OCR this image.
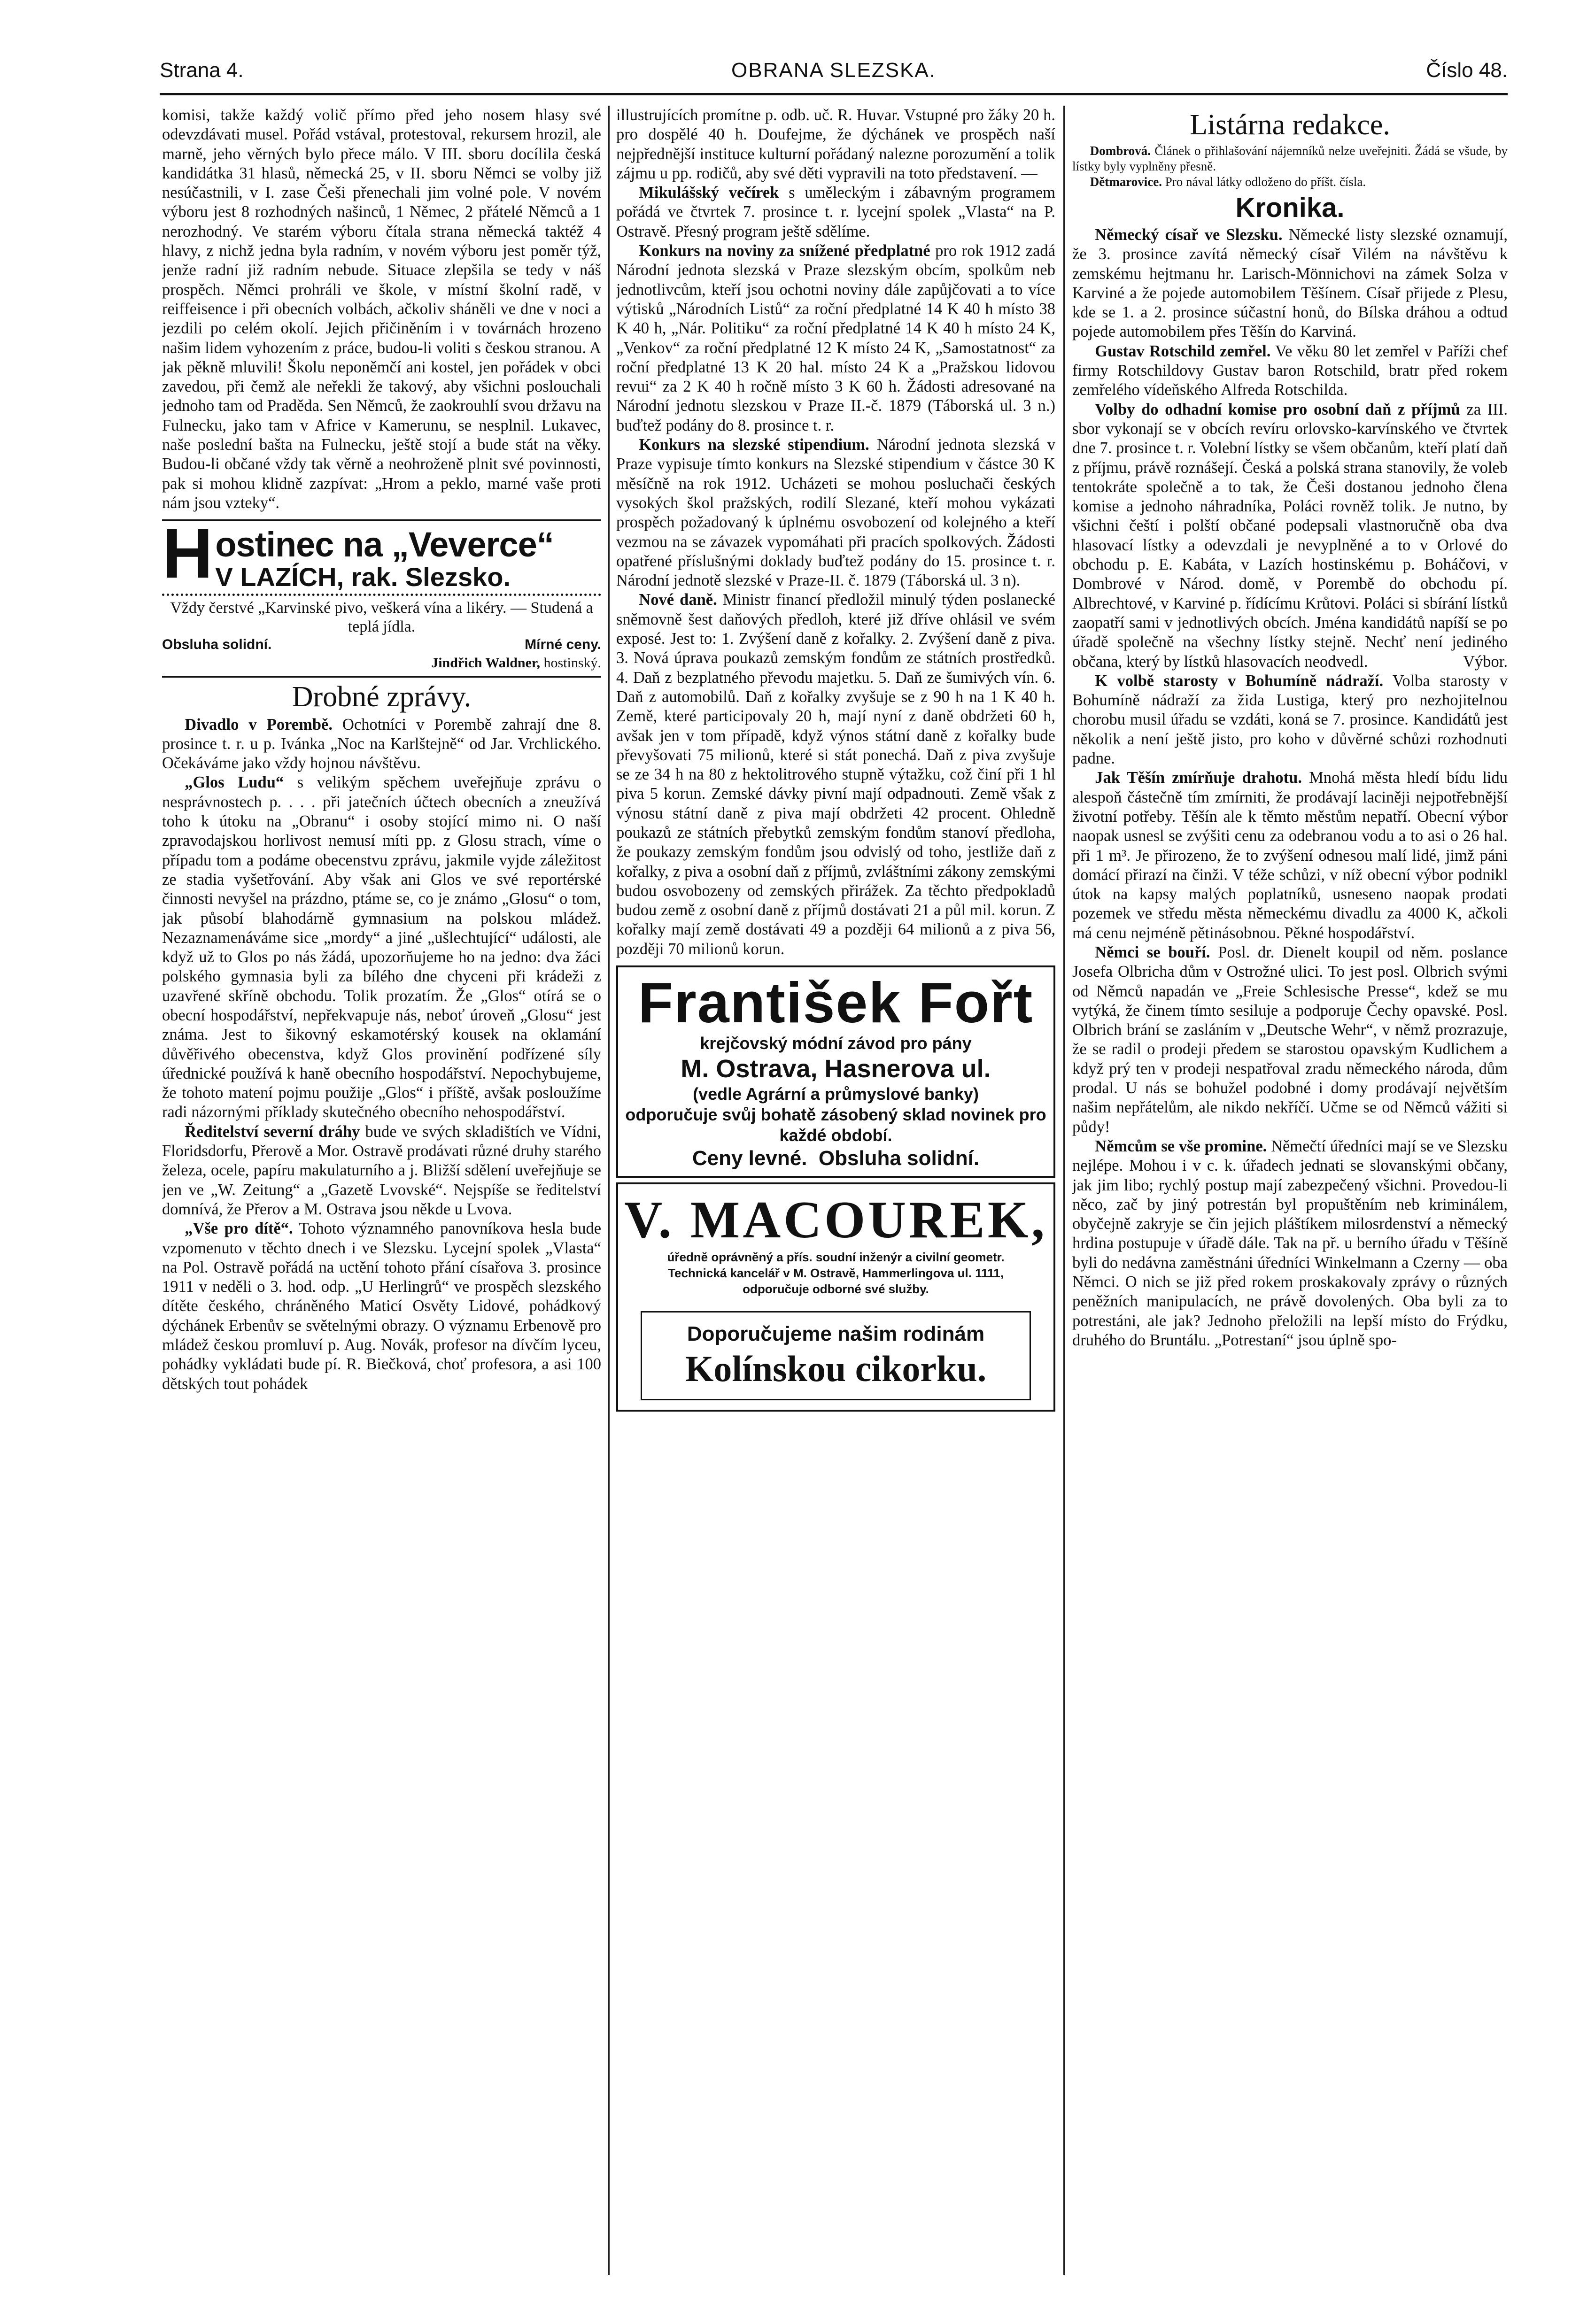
Strana 4.	OBRANA SLEZSKA.	Číslo 48.

komisi, takže každý volič přímo před jeho nosem hlasy své odevzdávati musel. Pořád vstával, protestoval, rekursem hrozil, ale marně, jeho věrných bylo přece málo. V III. sboru docílila česká kandidátka 31 hlasů, německá 25, v II. sboru Němci se volby již nesúčastnili, v I. zase Češi přenechali jim volné pole. V novém výboru jest 8 rozhodných našinců, 1 Němec, 2 přátelé Němců a 1 nerozhodný. Ve starém výboru čítala strana německá taktéž 4 hlavy, z nichž jedna byla radním, v novém výboru jest poměr týž, jenže radní již radním nebude. Situace zlepšila se tedy v náš prospěch. Němci prohráli ve škole, v místní školní radě, v reiffeisence i při obecních volbách, ačkoliv sháněli ve dne v noci a jezdili po celém okolí. Jejich přičiněním i v továrnách hrozeno našim lidem vyhozením z práce, budou-li voliti s českou stranou. A jak pěkně mluvili! Školu neponěmčí ani kostel, jen pořádek v obci zavedou, při čemž ale neřekli že takový, aby všichni poslouchali jednoho tam od Praděda. Sen Němců, že zaokrouhlí svou državu na Fulnecku, jako tam v Africe v Kamerunu, se nesplnil. Lukavec, naše poslední bašta na Fulnecku, ještě stojí a bude stát na věky. Budou-li občané vždy tak věrně a neohroženě plnit své povinnosti, pak si mohou klidně zazpívat: „Hrom a peklo, marné vaše proti nám jsou vzteky“.

Hostinec na „Veverce“
V LAZÍCH, rak. Slezsko.
Vždy čerstvé „Karvinské pivo, veškerá vína a likéry. — Studená a teplá jídla.
Obsluha solidní.	Mírné ceny.
Jindřich Waldner, hostinský.
Drobné zprávy.

Divadlo v Porembě. Ochotníci v Porembě zahrají dne 8. prosince t. r. u p. Ivánka „Noc na Karlštejně“ od Jar. Vrchlického. Očekáváme jako vždy hojnou návštěvu.

„Glos Ludu“ s velikým spěchem uveřejňuje zprávu o nesprávnostech p. . . . při jatečních účtech obecních a zneužívá toho k útoku na „Obranu“ i osoby stojící mimo ni. O naší zpravodajskou horlivost nemusí míti pp. z Glosu strach, víme o případu tom a podáme obecenstvu zprávu, jakmile vyjde záležitost ze stadia vyšetřování. Aby však ani Glos ve své reportérské činnosti nevyšel na prázdno, ptáme se, co je známo „Glosu“ o tom, jak působí blahodárně gymnasium na polskou mládež. Nezaznamenáváme sice „mordy“ a jiné „ušlechtující“ události, ale když už to Glos po nás žádá, upozorňujeme ho na jedno: dva žáci polského gymnasia byli za bílého dne chyceni při krádeži z uzavřené skříně obchodu. Tolik prozatím. Že „Glos“ otírá se o obecní hospodářství, nepřekvapuje nás, neboť úroveň „Glosu“ jest známa. Jest to šikovný eskamotérský kousek na oklamání důvěřivého obecenstva, když Glos provinění podřízené síly úřednické používá k haně obecního hospodářství. Nepochybujeme, že tohoto matení pojmu použije „Glos“ i příště, avšak posloužíme radi názornými příklady skutečného obecního nehospodářství.

Ředitelství severní dráhy bude ve svých skladištích ve Vídni, Floridsdorfu, Přerově a Mor. Ostravě prodávati různé druhy starého železa, ocele, papíru makulaturního a j. Bližší sdělení uveřejňuje se jen ve „W. Zeitung“ a „Gazetě Lvovské“. Nejspíše se ředitelství domnívá, že Přerov a M. Ostrava jsou někde u Lvova.

„Vše pro dítě“. Tohoto významného panovníkova hesla bude vzpomenuto v těchto dnech i ve Slezsku. Lycejní spolek „Vlasta“ na Pol. Ostravě pořádá na uctění tohoto přání císařova 3. prosince 1911 v neděli o 3. hod. odp. „U Herlingrů“ ve prospěch slezského dítěte českého, chráněného Maticí Osvěty Lidové, pohádkový dýchánek Erbenův se světelnými obrazy. O významu Erbenově pro mládež českou promluví p. Aug. Novák, profesor na dívčím lyceu, pohádky vykládati bude pí. R. Biečková, choť profesora, a asi 100 dětských tout pohádek

illustrujících promítne p. odb. uč. R. Huvar. Vstupné pro žáky 20 h. pro dospělé 40 h. Doufejme, že dýchánek ve prospěch naší nejpřednější instituce kulturní pořádaný nalezne porozumění a tolik zájmu u pp. rodičů, aby své děti vypravili na toto představení. —

Mikulášský večírek s uměleckým i zábavným programem pořádá ve čtvrtek 7. prosince t. r. lycejní spolek „Vlasta“ na P. Ostravě. Přesný program ještě sdělíme.

Konkurs na noviny za snížené předplatné pro rok 1912 zadá Národní jednota slezská v Praze slezským obcím, spolkům neb jednotlivcům, kteří jsou ochotni noviny dále zapůjčovati a to více výtisků „Národních Listů“ za roční předplatné 14 K 40 h místo 38 K 40 h, „Nár. Politiku“ za roční předplatné 14 K 40 h místo 24 K, „Venkov“ za roční předplatné 12 K místo 24 K, „Samostatnost“ za roční předplatné 13 K 20 hal. místo 24 K a „Pražskou lidovou revui“ za 2 K 40 h ročně místo 3 K 60 h. Žádosti adresované na Národní jednotu slezskou v Praze II.-č. 1879 (Táborská ul. 3 n.) buďtež podány do 8. prosince t. r.

Konkurs na slezské stipendium. Národní jednota slezská v Praze vypisuje tímto konkurs na Slezské stipendium v částce 30 K měsíčně na rok 1912. Ucházeti se mohou posluchači českých vysokých škol pražských, rodilí Slezané, kteří mohou vykázati prospěch požadovaný k úplnému osvobození od kolejného a kteří vezmou na se závazek vypomáhati při pracích spolkových. Žádosti opatřené příslušnými doklady buďtež podány do 15. prosince t. r. Národní jednotě slezské v Praze-II. č. 1879 (Táborská ul. 3 n).

Nové daně. Ministr financí předložil minulý týden poslanecké sněmovně šest daňových předloh, které již dříve ohlásil ve svém exposé. Jest to: 1. Zvýšení daně z kořalky. 2. Zvýšení daně z piva. 3. Nová úprava poukazů zemským fondům ze státních prostředků. 4. Daň z bezplatného převodu majetku. 5. Daň ze šumivých vín. 6. Daň z automobilů. Daň z kořalky zvyšuje se z 90 h na 1 K 40 h. Země, které participovaly 20 h, mají nyní z daně obdržeti 60 h, avšak jen v tom případě, když výnos státní daně z kořalky bude převyšovati 75 milionů, které si stát ponechá. Daň z piva zvyšuje se ze 34 h na 80 z hektolitrového stupně výtažku, což činí při 1 hl piva 5 korun. Zemské dávky pivní mají odpadnouti. Země však z výnosu státní daně z piva mají obdržeti 42 procent. Ohledně poukazů ze státních přebytků zemským fondům stanoví předloha, že poukazy zemským fondům jsou odvislý od toho, jestliže daň z kořalky, z piva a osobní daň z příjmů, zvláštními zákony zemskými budou osvobozeny od zemských přirážek. Za těchto předpokladů budou země z osobní daně z příjmů dostávati 21 a půl mil. korun. Z kořalky mají země dostávati 49 a později 64 milionů a z piva 56, později 70 milionů korun.

František Fořt
krejčovský módní závod pro pány
M. Ostrava, Hasnerova ul.
(vedle Agrární a průmyslové banky)
odporučuje svůj bohatě zásobený sklad novinek pro každé období.
Ceny levné. Obsluha solidní.
V. MACOUREK,
úředně oprávněný a přís. soudní inženýr a civilní geometr.
Technická kancelář v M. Ostravě, Hammerlingova ul. 1111,
odporučuje odborné své služby.
Doporučujeme našim rodinám
Kolínskou cikorku.
Listárna redakce.

Dombrová. Článek o přihlašování nájemníků nelze uveřejniti. Žádá se všude, by lístky byly vyplněny přesně.

Dětmarovice. Pro nával látky odloženo do příšt. čísla.

Kronika.

Německý císař ve Slezsku. Německé listy slezské oznamují, že 3. prosince zavítá německý císař Vilém na návštěvu k zemskému hejtmanu hr. Larisch-Mönnichovi na zámek Solza v Karviné a že pojede automobilem Těšínem. Císař přijede z Plesu, kde se 1. a 2. prosince súčastní honů, do Bílska dráhou a odtud pojede automobilem přes Těšín do Karviná.

Gustav Rotschild zemřel. Ve věku 80 let zemřel v Paříži chef firmy Rotschildovy Gustav baron Rotschild, bratr před rokem zemřelého vídeňského Alfreda Rotschilda.

Volby do odhadní komise pro osobní daň z příjmů za III. sbor vykonají se v obcích revíru orlovsko-karvínského ve čtvrtek dne 7. prosince t. r. Volební lístky se všem občanům, kteří platí daň z příjmu, právě roznášejí. Česká a polská strana stanovily, že voleb tentokráte společně a to tak, že Češi dostanou jednoho člena komise a jednoho náhradníka, Poláci rovněž tolik. Je nutno, by všichni čeští i polští občané podepsali vlastnoručně oba dva hlasovací lístky a odevzdali je nevyplněné a to v Orlové do obchodu p. E. Kabáta, v Lazích hostinskému p. Boháčovi, v Dombrové v Národ. domě, v Porembě do obchodu pí. Albrechtové, v Karviné p. řídícímu Krůtovi. Poláci si sbírání lístků zaopatří sami v jednotlivých obcích. Jména kandidátů napíší se po úřadě společně na všechny lístky stejně. Nechť není jediného občana, který by lístků hlasovacích neodvedl.	Výbor.

K volbě starosty v Bohumíně nádraží. Volba starosty v Bohumíně nádraží za žida Lustiga, který pro nezhojitelnou chorobu musil úřadu se vzdáti, koná se 7. prosince. Kandidátů jest několik a není ještě jisto, pro koho v důvěrné schůzi rozhodnuti padne.

Jak Těšín zmírňuje drahotu. Mnohá města hledí bídu lidu alespoň částečně tím zmírniti, že prodávají laciněji nejpotřebnější životní potřeby. Těšín ale k těmto městům nepatří. Obecní výbor naopak usnesl se zvýšiti cenu za odebranou vodu a to asi o 26 hal. při 1 m³. Je přirozeno, že to zvýšení odnesou malí lidé, jimž páni domácí přirazí na činži. V téže schůzi, v níž obecní výbor podnikl útok na kapsy malých poplatníků, usneseno naopak prodati pozemek ve středu města německému divadlu za 4000 K, ačkoli má cenu nejméně pětinásobnou. Pěkné hospodářství.

Němci se bouří. Posl. dr. Dienelt koupil od něm. poslance Josefa Olbricha dům v Ostrožné ulici. To jest posl. Olbrich svými od Němců napadán ve „Freie Schlesische Presse“, kdež se mu vytýká, že činem tímto sesiluje a podporuje Čechy opavské. Posl. Olbrich brání se zasláním v „Deutsche Wehr“, v němž prozrazuje, že se radil o prodeji předem se starostou opavským Kudlichem a když prý ten v prodeji nespatřoval zradu německého národa, dům prodal. U nás se bohužel podobné i domy prodávají největším našim nepřátelům, ale nikdo nekříčí. Učme se od Němců vážiti si půdy!

Němcům se vše promine. Němečtí úředníci mají se ve Slezsku nejlépe. Mohou i v c. k. úřadech jednati se slovanskými občany, jak jim libo; rychlý postup mají zabezpečený všichni. Provedou-li něco, zač by jiný potrestán byl propuštěním neb kriminálem, obyčejně zakryje se čin jejich pláštíkem milosrdenství a německý hrdina postupuje v úřadě dále. Tak na př. u berního úřadu v Těšíně byli do nedávna zaměstnáni úředníci Winkelmann a Czerny — oba Němci. O nich se již před rokem proskakovaly zprávy o různých peněžních manipulacích, ne právě dovolených. Oba byli za to potrestáni, ale jak? Jednoho přeložili na lepší místo do Frýdku, druhého do Bruntálu. „Potrestaní“ jsou úplně spo-
